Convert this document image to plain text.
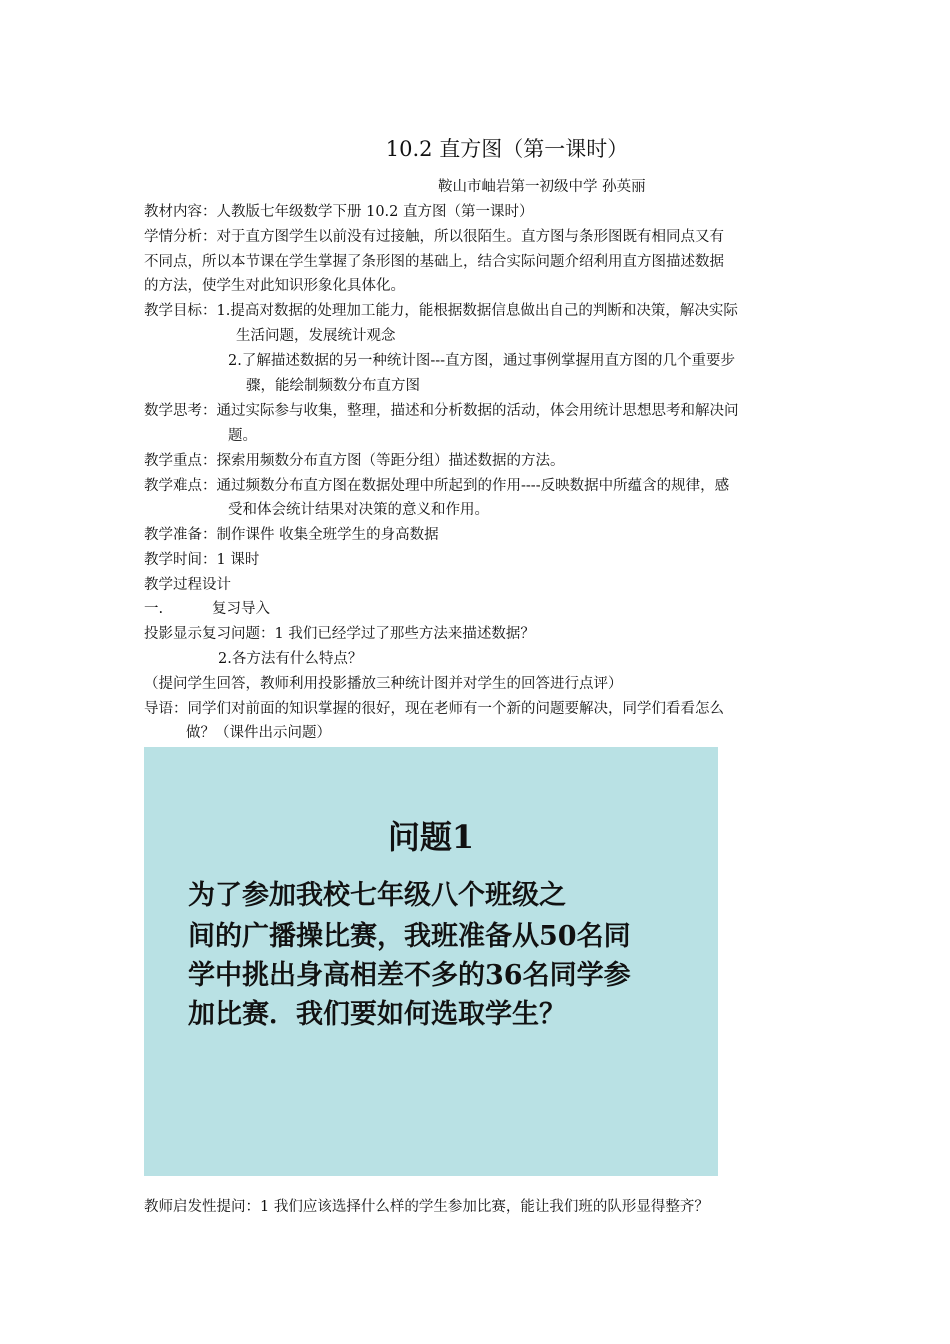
10.2 直方图（第一课时）
鞍山市岫岩第一初级中学 孙英丽
教材内容：人教版七年级数学下册 10.2 直方图（第一课时）
学情分析：对于直方图学生以前没有过接触，所以很陌生。直方图与条形图既有相同点又有
不同点，所以本节课在学生掌握了条形图的基础上，结合实际问题介绍利用直方图描述数据
的方法，使学生对此知识形象化具体化。
教学目标：1.提高对数据的处理加工能力，能根据数据信息做出自己的判断和决策，解决实际
生活问题，发展统计观念
2.了解描述数据的另一种统计图---直方图，通过事例掌握用直方图的几个重要步
骤，能绘制频数分布直方图
数学思考：通过实际参与收集，整理，描述和分析数据的活动，体会用统计思想思考和解决问
题。
教学重点：探索用频数分布直方图（等距分组）描述数据的方法。
教学难点：通过频数分布直方图在数据处理中所起到的作用----反映数据中所蕴含的规律，感
受和体会统计结果对决策的意义和作用。
教学准备：制作课件 收集全班学生的身高数据
教学时间：1 课时
教学过程设计
一.	复习导入
投影显示复习问题：1 我们已经学过了那些方法来描述数据？
2.各方法有什么特点？
（提问学生回答，教师利用投影播放三种统计图并对学生的回答进行点评）
导语：同学们对前面的知识掌握的很好，现在老师有一个新的问题要解决，同学们看看怎么
做？（课件出示问题）
问题1
为了参加我校七年级八个班级之
间的广播操比赛，我班准备从50名同
学中挑出身高相差不多的36名同学参
加比赛．我们要如何选取学生？
教师启发性提问：1 我们应该选择什么样的学生参加比赛，能让我们班的队形显得整齐？
